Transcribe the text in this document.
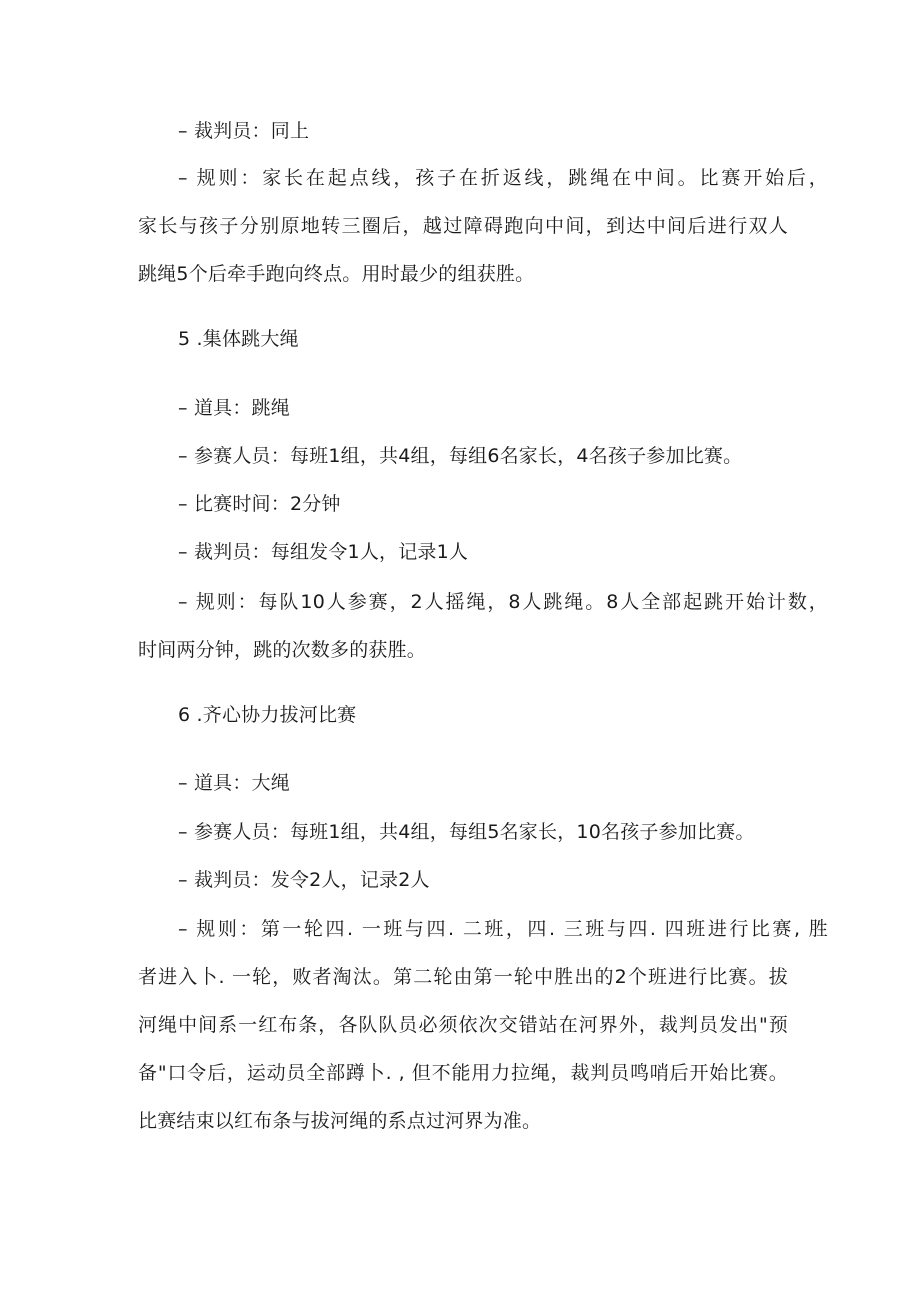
– 裁判员：同上
– 规则：家长在起点线，孩子在折返线，跳绳在中间。比赛开始后，
家长与孩子分别原地转三圈后，越过障碍跑向中间，到达中间后进行双人
跳绳5个后牵手跑向终点。用时最少的组获胜。
5 .集体跳大绳
– 道具：跳绳
– 参赛人员：每班1组，共4组，每组6名家长，4名孩子参加比赛。
– 比赛时间：2分钟
– 裁判员：每组发令1人，记录1人
– 规则：每队10人参赛，2人摇绳，8人跳绳。8人全部起跳开始计数，
时间两分钟，跳的次数多的获胜。
6 .齐心协力拔河比赛
– 道具：大绳
– 参赛人员：每班1组，共4组，每组5名家长，10名孩子参加比赛。
– 裁判员：发令2人，记录2人
– 规则：第一轮四. 一班与四. 二班，四. 三班与四. 四班进行比赛, 胜
者进入卜. 一轮，败者淘汰。第二轮由第一轮中胜出的2个班进行比赛。拔
河绳中间系一红布条，各队队员必须依次交错站在河界外，裁判员发出"预
备"口令后，运动员全部蹲卜. , 但不能用力拉绳，裁判员鸣哨后开始比赛。
比赛结束以红布条与拔河绳的系点过河界为准。
